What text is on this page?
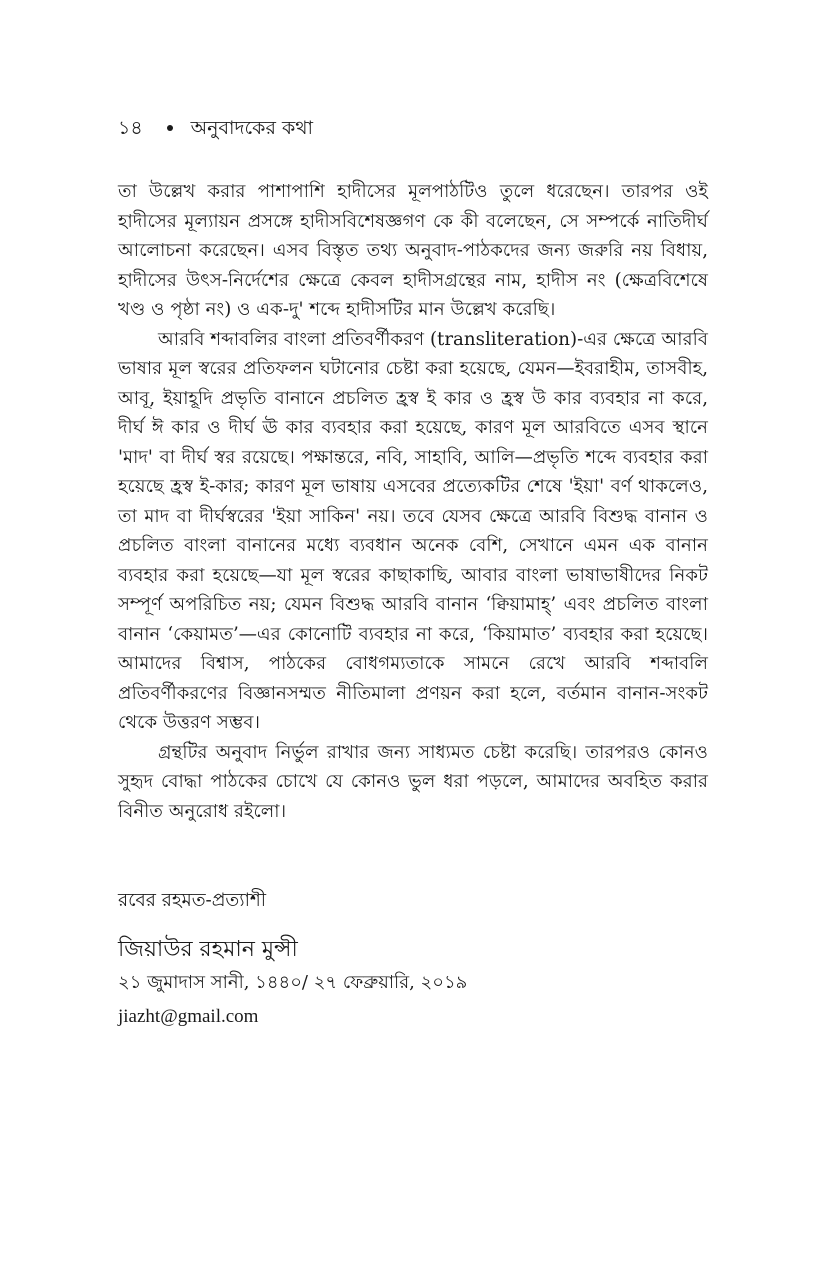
১৪	অনুবাদকের কথা

তা উল্লেখ করার পাশাপাশি হাদীসের মূলপাঠটিও তুলে ধরেছেন। তারপর ওই হাদীসের মূল্যায়ন প্রসঙ্গে হাদীসবিশেষজ্ঞগণ কে কী বলেছেন, সে সম্পর্কে নাতিদীর্ঘ আলোচনা করেছেন। এসব বিস্তৃত তথ্য অনুবাদ-পাঠকদের জন্য জরুরি নয় বিধায়, হাদীসের উৎস-নির্দেশের ক্ষেত্রে কেবল হাদীসগ্রন্থের নাম, হাদীস নং (ক্ষেত্রবিশেষে খণ্ড ও পৃষ্ঠা নং) ও এক-দু' শব্দে হাদীসটির মান উল্লেখ করেছি।

আরবি শব্দাবলির বাংলা প্রতিবর্ণীকরণ (transliteration)-এর ক্ষেত্রে আরবি ভাষার মূল স্বরের প্রতিফলন ঘটানোর চেষ্টা করা হয়েছে, যেমন—ইবরাহীম, তাসবীহ, আবূ, ইয়াহূদি প্রভৃতি বানানে প্রচলিত হ্রস্ব ই কার ও হ্রস্ব উ কার ব্যবহার না করে, দীর্ঘ ঈ কার ও দীর্ঘ ঊ কার ব্যবহার করা হয়েছে, কারণ মূল আরবিতে এসব স্থানে 'মাদ' বা দীর্ঘ স্বর রয়েছে। পক্ষান্তরে, নবি, সাহাবি, আলি—প্রভৃতি শব্দে ব্যবহার করা হয়েছে হ্রস্ব ই-কার; কারণ মূল ভাষায় এসবের প্রত্যেকটির শেষে 'ইয়া' বর্ণ থাকলেও, তা মাদ বা দীর্ঘস্বরের 'ইয়া সাকিন' নয়। তবে যেসব ক্ষেত্রে আরবি বিশুদ্ধ বানান ও প্রচলিত বাংলা বানানের মধ্যে ব্যবধান অনেক বেশি, সেখানে এমন এক বানান ব্যবহার করা হয়েছে—যা মূল স্বরের কাছাকাছি, আবার বাংলা ভাষাভাষীদের নিকট সম্পূর্ণ অপরিচিত নয়; যেমন বিশুদ্ধ আরবি বানান ‘ক্বিয়ামাহ্’ এবং প্রচলিত বাংলা বানান ‘কেয়ামত’—এর কোনোটি ব্যবহার না করে, ‘কিয়ামাত’ ব্যবহার করা হয়েছে। আমাদের বিশ্বাস, পাঠকের বোধগম্যতাকে সামনে রেখে আরবি শব্দাবলি প্রতিবর্ণীকরণের বিজ্ঞানসম্মত নীতিমালা প্রণয়ন করা হলে, বর্তমান বানান-সংকট থেকে উত্তরণ সম্ভব।

গ্রন্থটির অনুবাদ নির্ভুল রাখার জন্য সাধ্যমত চেষ্টা করেছি। তারপরও কোনও সুহৃদ বোদ্ধা পাঠকের চোখে যে কোনও ভুল ধরা পড়লে, আমাদের অবহিত করার বিনীত অনুরোধ রইলো।

রবের রহমত-প্রত্যাশী
জিয়াউর রহমান মুন্সী
২১ জুমাদাস সানী, ১৪৪০/ ২৭ ফেব্রুয়ারি, ২০১৯
jiazht@gmail.com
